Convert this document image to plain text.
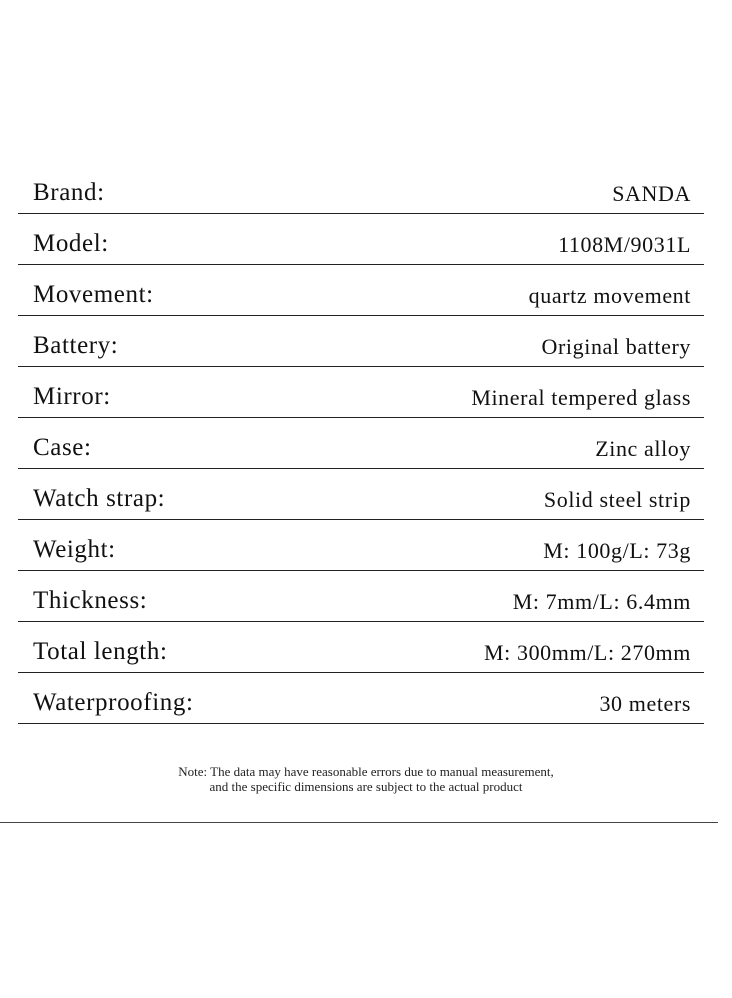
Brand:	SANDA
Model:	1108M/9031L
Movement:	quartz movement
Battery:	Original battery
Mirror:	Mineral tempered glass
Case:	Zinc alloy
Watch strap:	Solid steel strip
Weight:	M: 100g/L: 73g
Thickness:	M: 7mm/L: 6.4mm
Total length:	M: 300mm/L: 270mm
Waterproofing:	30 meters
Note: The data may have reasonable errors due to manual measurement,
and the specific dimensions are subject to the actual product
